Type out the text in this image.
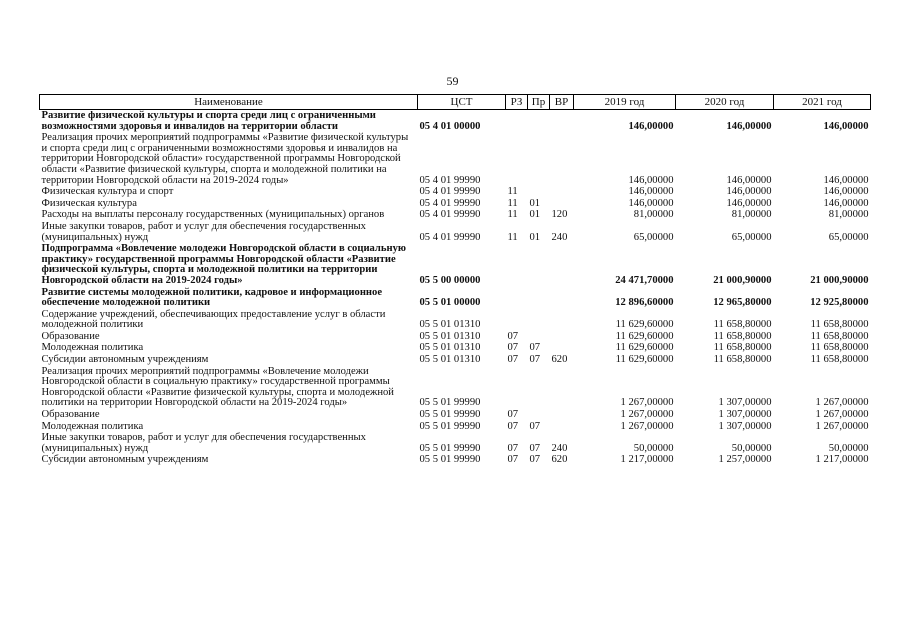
59
Наименование	ЦСТ	РЗ	Пр	ВР	2019 год	2020 год	2021 год
Развитие физической культуры и спорта среди лиц с ограниченными возможностями здоровья и инвалидов на территории области	05 4 01 00000				146,00000	146,00000	146,00000
Реализация прочих мероприятий подпрограммы «Развитие физической культуры и спорта среди лиц с ограниченными возможностями здоровья и инвалидов на территории Новгородской области» государственной программы Новгородской области «Развитие физической культуры, спорта и молодежной политики на территории Новгородской области на 2019-2024 годы»	05 4 01 99990				146,00000	146,00000	146,00000
Физическая культура и спорт	05 4 01 99990	11			146,00000	146,00000	146,00000
Физическая культура	05 4 01 99990	11	01		146,00000	146,00000	146,00000
Расходы на выплаты персоналу государственных (муниципальных) органов	05 4 01 99990	11	01	120	81,00000	81,00000	81,00000
Иные закупки товаров, работ и услуг для обеспечения государственных (муниципальных) нужд	05 4 01 99990	11	01	240	65,00000	65,00000	65,00000
Подпрограмма «Вовлечение молодежи Новгородской области в социальную практику» государственной программы Новгородской области «Развитие физической культуры, спорта и молодежной политики на территории Новгородской области на 2019-2024 годы»	05 5 00 00000				24 471,70000	21 000,90000	21 000,90000
Развитие системы молодежной политики, кадровое и информационное обеспечение молодежной политики	05 5 01 00000				12 896,60000	12 965,80000	12 925,80000
Содержание учреждений, обеспечивающих предоставление услуг в области молодежной политики	05 5 01 01310				11 629,60000	11 658,80000	11 658,80000
Образование	05 5 01 01310	07			11 629,60000	11 658,80000	11 658,80000
Молодежная политика	05 5 01 01310	07	07		11 629,60000	11 658,80000	11 658,80000
Субсидии автономным учреждениям	05 5 01 01310	07	07	620	11 629,60000	11 658,80000	11 658,80000
Реализация прочих мероприятий подпрограммы «Вовлечение молодежи Новгородской области в социальную практику» государственной программы Новгородской области «Развитие физической культуры, спорта и молодежной политики на территории Новгородской области на 2019-2024 годы»	05 5 01 99990				1 267,00000	1 307,00000	1 267,00000
Образование	05 5 01 99990	07			1 267,00000	1 307,00000	1 267,00000
Молодежная политика	05 5 01 99990	07	07		1 267,00000	1 307,00000	1 267,00000
Иные закупки товаров, работ и услуг для обеспечения государственных (муниципальных) нужд	05 5 01 99990	07	07	240	50,00000	50,00000	50,00000
Субсидии автономным учреждениям	05 5 01 99990	07	07	620	1 217,00000	1 257,00000	1 217,00000
